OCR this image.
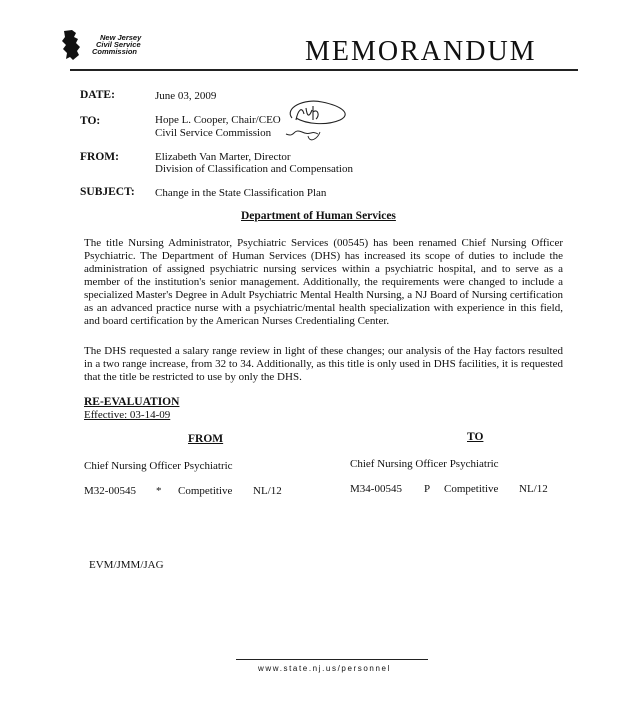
New Jersey
Civil Service
Commission	MEMORANDUM
DATE:	June 03, 2009
TO:	Hope L. Cooper, Chair/CEO
Civil Service Commission
FROM:	Elizabeth Van Marter, Director
Division of Classification and Compensation
SUBJECT: Change in the State Classification Plan
Department of Human Services
The title Nursing Administrator, Psychiatric Services (00545) has been renamed Chief Nursing Officer Psychiatric. The Department of Human Services (DHS) has increased its scope of duties to include the administration of assigned psychiatric nursing services within a psychiatric hospital, and to serve as a member of the institution's senior management. Additionally, the requirements were changed to include a specialized Master's Degree in Adult Psychiatric Mental Health Nursing, a NJ Board of Nursing certification as an advanced practice nurse with a psychiatric/mental health specialization with experience in this field, and board certification by the American Nurses Credentialing Center.
The DHS requested a salary range review in light of these changes; our analysis of the Hay factors resulted in a two range increase, from 32 to 34. Additionally, as this title is only used in DHS facilities, it is requested that the title be restricted to use by only the DHS.
RE-EVALUATION
Effective: 03-14-09
FROM	TO
Chief Nursing Officer Psychiatric	Chief Nursing Officer Psychiatric
M32-00545 * Competitive NL/12	M34-00545 P Competitive NL/12
EVM/JMM/JAG
www.state.nj.us/personnel
